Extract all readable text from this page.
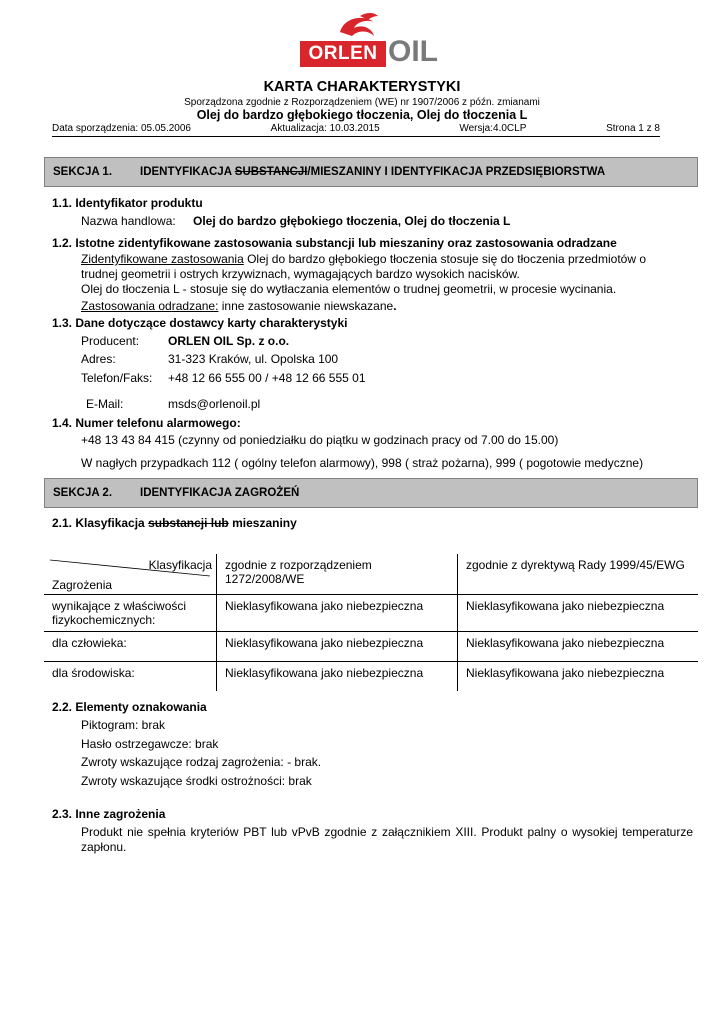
ORLEN OIL
KARTA CHARAKTERYSTYKI
Sporządzona zgodnie z Rozporządzeniem (WE) nr 1907/2006 z późn. zmianami
Olej do bardzo głębokiego tłoczenia, Olej do tłoczenia L
Data sporządzenia: 05.05.2006	Aktualizacja: 10.03.2015	Wersja:4.0CLP	Strona 1 z 8
SEKCJA 1.	IDENTYFIKACJA SUBSTANCJI/MIESZANINY I IDENTYFIKACJA PRZEDSIĘBIORSTWA
1.1. Identyfikator produktu
Nazwa handlowa: Olej do bardzo głębokiego tłoczenia, Olej do tłoczenia L
1.2. Istotne zidentyfikowane zastosowania substancji lub mieszaniny oraz zastosowania odradzane
Zidentyfikowane zastosowania Olej do bardzo głębokiego tłoczenia stosuje się do tłoczenia przedmiotów o
trudnej geometrii i ostrych krzywiznach, wymagających bardzo wysokich nacisków.
Olej do tłoczenia L - stosuje się do wytłaczania elementów o trudnej geometrii, w procesie wycinania.
Zastosowania odradzane: inne zastosowanie niewskazane.
1.3. Dane dotyczące dostawcy karty charakterystyki
Producent: ORLEN OIL Sp. z o.o.
Adres:	31-323 Kraków, ul. Opolska 100
Telefon/Faks: +48 12 66 555 00 / +48 12 66 555 01
E-Mail:	msds@orlenoil.pl
1.4. Numer telefonu alarmowego:
+48 13 43 84 415 (czynny od poniedziałku do piątku w godzinach pracy od 7.00 do 15.00)
W nagłych przypadkach 112 ( ogólny telefon alarmowy), 998 ( straż pożarna), 999 ( pogotowie medyczne)
SEKCJA 2.	IDENTYFIKACJA ZAGROŻEŃ
2.1. Klasyfikacja substancji lub mieszaniny
Klasyfikacja
Zagrożenia	zgodnie z rozporządzeniem 1272/2008/WE	zgodnie z dyrektywą Rady 1999/45/EWG
wynikające z właściwości fizykochemicznych:	Nieklasyfikowana jako niebezpieczna	Nieklasyfikowana jako niebezpieczna
dla człowieka:	Nieklasyfikowana jako niebezpieczna	Nieklasyfikowana jako niebezpieczna
dla środowiska:	Nieklasyfikowana jako niebezpieczna	Nieklasyfikowana jako niebezpieczna
2.2. Elementy oznakowania
Piktogram: brak
Hasło ostrzegawcze: brak
Zwroty wskazujące rodzaj zagrożenia: - brak.
Zwroty wskazujące środki ostrożności: brak
2.3. Inne zagrożenia
Produkt nie spełnia kryteriów PBT lub vPvB zgodnie z załącznikiem XIII. Produkt palny o wysokiej temperaturze zapłonu.
